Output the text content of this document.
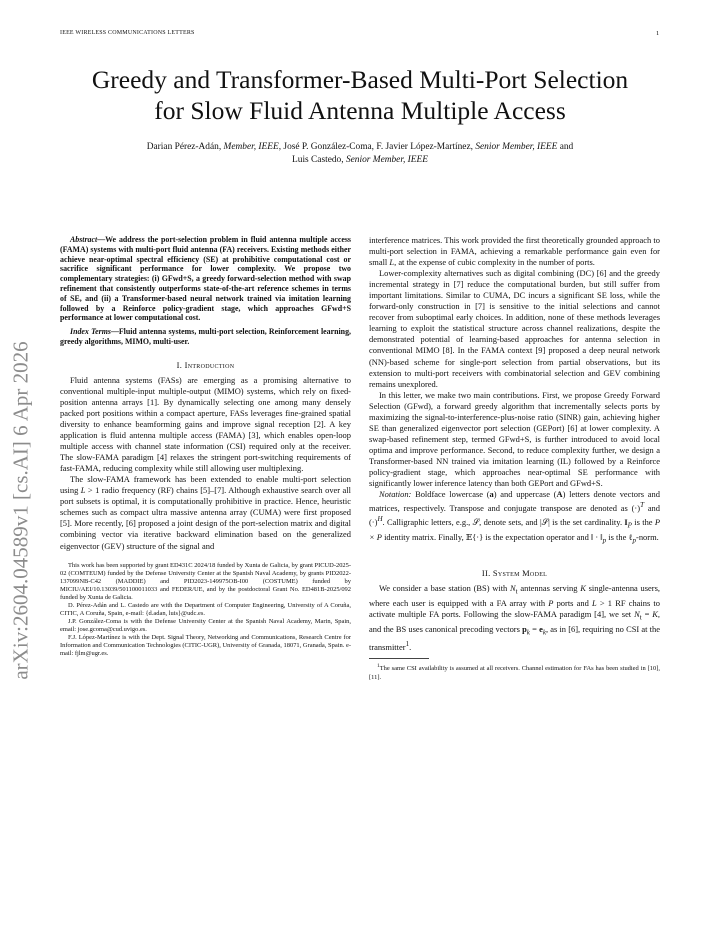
IEEE WIRELESS COMMUNICATIONS LETTERS	1
arXiv:2604.04589v1 [cs.AI] 6 Apr 2026
Greedy and Transformer-Based Multi-Port Selection
for Slow Fluid Antenna Multiple Access
Darian Pérez-Adán, Member, IEEE, José P. González-Coma, F. Javier López-Martínez, Senior Member, IEEE and
Luis Castedo, Senior Member, IEEE

Abstract—We address the port-selection problem in fluid antenna multiple access (FAMA) systems with multi-port fluid antenna (FA) receivers. Existing methods either achieve near-optimal spectral efficiency (SE) at prohibitive computational cost or sacrifice significant performance for lower complexity. We propose two complementary strategies: (i) GFwd+S, a greedy forward-selection method with swap refinement that consistently outperforms state-of-the-art reference schemes in terms of SE, and (ii) a Transformer-based neural network trained via imitation learning followed by a Reinforce policy-gradient stage, which approaches GFwd+S performance at lower computational cost.

Index Terms—Fluid antenna systems, multi-port selection, Reinforcement learning, greedy algorithms, MIMO, multi-user.

I. Introduction

Fluid antenna systems (FASs) are emerging as a promising alternative to conventional multiple-input multiple-output (MIMO) systems, which rely on fixed-position antenna arrays [1]. By dynamically selecting one among many densely packed port positions within a compact aperture, FASs leverages fine-grained spatial diversity to enhance beamforming gains and improve signal reception [2]. A key application is fluid antenna multiple access (FAMA) [3], which enables open-loop multiple access with channel state information (CSI) required only at the receiver. The slow-FAMA paradigm [4] relaxes the stringent port-switching requirements of fast-FAMA, reducing complexity while still allowing user multiplexing.

The slow-FAMA framework has been extended to enable multi-port selection using L > 1 radio frequency (RF) chains [5]–[7]. Although exhaustive search over all port subsets is optimal, it is computationally prohibitive in practice. Hence, heuristic schemes such as compact ultra massive antenna array (CUMA) were first proposed [5]. More recently, [6] proposed a joint design of the port-selection matrix and digital combining vector via iterative backward elimination based on the generalized eigenvector (GEV) structure of the signal and

This work has been supported by grant ED431C 2024/18 funded by Xunta de Galicia, by grant PICUD-2025-02 (COMTEUM) funded by the Defense University Center at the Spanish Naval Academy, by grants PID2022-137099NB-C42 (MADDIE) and PID2023-149975OB-I00 (COSTUME) funded by MICIU/AEI/10.13039/501100011033 and FEDER/UE, and by the postdoctoral Grant No. ED481B-2025/092 funded by Xunta de Galicia.

D. Pérez-Adán and L. Castedo are with the Department of Computer Engineering, University of A Coruña, CITIC, A Coruña, Spain, e-mail: {d.adan, luis}@udc.es.

J.P. González-Coma is with the Defense University Center at the Spanish Naval Academy, Marin, Spain, email: jose.gcoma@cud.uvigo.es.

F.J. López-Martínez is with the Dept. Signal Theory, Networking and Communications, Research Centre for Information and Communication Technologies (CITIC-UGR), University of Granada, 18071, Granada, Spain. e-mail: fjlm@ugr.es.

interference matrices. This work provided the first theoretically grounded approach to multi-port selection in FAMA, achieving a remarkable performance gain even for small L, at the expense of cubic complexity in the number of ports.

Lower-complexity alternatives such as digital combining (DC) [6] and the greedy incremental strategy in [7] reduce the computational burden, but still suffer from important limitations. Similar to CUMA, DC incurs a significant SE loss, while the forward-only construction in [7] is sensitive to the initial selections and cannot recover from suboptimal early choices. In addition, none of these methods leverages learning to exploit the statistical structure across channel realizations, despite the demonstrated potential of learning-based approaches for antenna selection in conventional MIMO [8]. In the FAMA context [9] proposed a deep neural network (NN)-based scheme for single-port selection from partial observations, but its extension to multi-port receivers with combinatorial selection and GEV combining remains unexplored.

In this letter, we make two main contributions. First, we propose Greedy Forward Selection (GFwd), a forward greedy algorithm that incrementally selects ports by maximizing the signal-to-interference-plus-noise ratio (SINR) gain, achieving higher SE than generalized eigenvector port selection (GEPort) [6] at lower complexity. A swap-based refinement step, termed GFwd+S, is further introduced to avoid local optima and improve performance. Second, to reduce complexity further, we design a Transformer-based NN trained via imitation learning (IL) followed by a Reinforce policy-gradient stage, which approaches near-optimal SE performance with significantly lower inference latency than both GEPort and GFwd+S.

Notation: Boldface lowercase (a) and uppercase (A) letters denote vectors and matrices, respectively. Transpose and conjugate transpose are denoted as $(\cdot)^T$ and $(\cdot)^H$. Calligraphic letters, e.g., 𝒮, denote sets, and |𝒮| is the set cardinality. $I_P$ is the P × P identity matrix. Finally, 𝔼{·} is the expectation operator and ‖ · $‖_p$ is the ℓ$_p$-norm.

II. System Model

We consider a base station (BS) with $N_t$ antennas serving K single-antenna users, where each user is equipped with a FA array with P ports and L > 1 RF chains to activate multiple FA ports. Following the slow-FAMA paradigm [4], we set $N_t = K$, and the BS uses canonical precoding vectors $p_k = e_k$, as in [6], requiring no CSI at the transmitter$^1$.

$^1$The same CSI availability is assumed at all receivers. Channel estimation for FAs has been studied in [10], [11].
